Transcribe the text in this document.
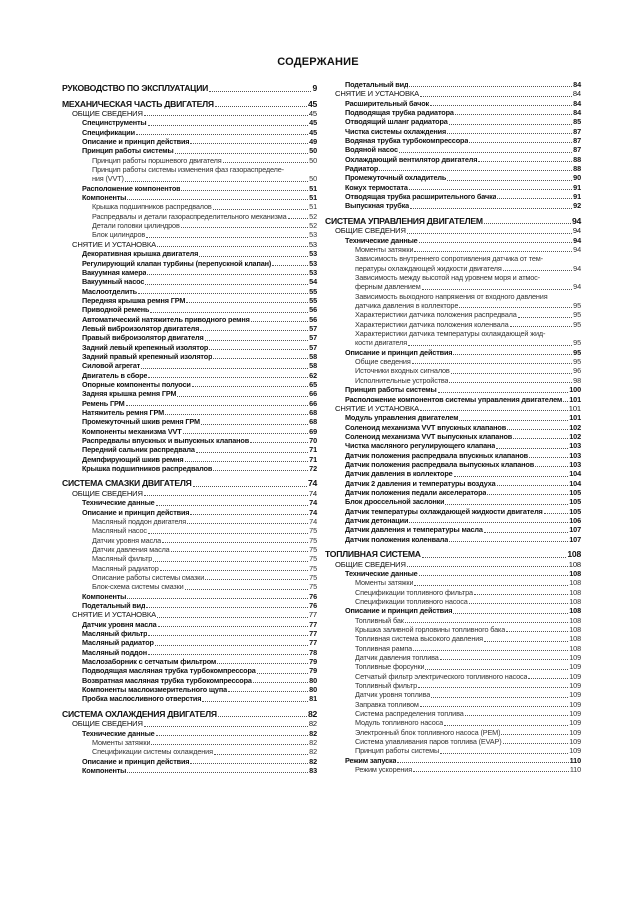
СОДЕРЖАНИЕ
РУКОВОДСТВО ПО ЭКСПЛУАТАЦИИ	9
МЕХАНИЧЕСКАЯ ЧАСТЬ ДВИГАТЕЛЯ	45
ОБЩИЕ СВЕДЕНИЯ	45
Специнструменты	45
Спецификации	45
Описание и принцип действия	49
Принцип работы системы	50
Принцип работы поршневого двигателя	50
Принцип работы системы изменения фаз газораспределе-
ния (VVT)	50
Расположение компонентов	51
Компоненты	51
Крышка подшипников распредвалов	51
Распредвалы и детали газораспределительного механизма	52
Детали головки цилиндров	52
Блок цилиндров	53
СНЯТИЕ И УСТАНОВКА	53
Декоративная крышка двигателя	53
Регулирующий клапан турбины (перепускной клапан)	53
Вакуумная камера	53
Вакуумный насос	54
Маслоотделить	55
Передняя крышка ремня ГРМ	55
Приводной ремень	56
Автоматический натяжитель приводного ремня	56
Левый виброизолятор двигателя	57
Правый виброизолятор двигателя	57
Задний левый крепежный изолятор	57
Задний правый крепежный изолятор	58
Силовой агрегат	58
Двигатель в сборе	62
Опорные компоненты полуоси	65
Задняя крышка ремня ГРМ	66
Ремень ГРМ	66
Натяжитель ремня ГРМ	68
Промежуточный шкив ремня ГРМ	68
Компоненты механизма VVT	69
Распредвалы впускных и выпускных клапанов	70
Передний сальник распредвала	71
Демпфирующий шкив ремня	71
Крышка подшипников распредвалов	72
СИСТЕМА СМАЗКИ ДВИГАТЕЛЯ	74
ОБЩИЕ СВЕДЕНИЯ	74
Технические данные	74
Описание и принцип действия	74
Масляный поддон двигателя	74
Масляный насос	75
Датчик уровня масла	75
Датчик давления масла	75
Масляный фильтр	75
Масляный радиатор	75
Описание работы системы смазки	75
Блок-схема системы смазки	75
Компоненты	76
Подетальный вид	76
СНЯТИЕ И УСТАНОВКА	77
Датчик уровня масла	77
Масляный фильтр	77
Масляный радиатор	77
Масляный поддон	78
Маслозаборник с сетчатым фильтром	79
Подводящая масляная трубка турбокомпрессора	79
Возвратная масляная трубка турбокомпрессора	80
Компоненты маслоизмерительного щупа	80
Пробка маслосливного отверстия	81
СИСТЕМА ОХЛАЖДЕНИЯ ДВИГАТЕЛЯ	82
ОБЩИЕ СВЕДЕНИЯ	82
Технические данные	82
Моменты затяжки	82
Спецификации системы охлаждения	82
Описание и принцип действия	82
Компоненты	83
Подетальный вид	84
СНЯТИЕ И УСТАНОВКА	84
Расширительный бачок	84
Подводящая трубка радиатора	84
Отводящий шланг радиатора	85
Чистка системы охлаждения	87
Водяная трубка турбокомпрессора	87
Водяной насос	87
Охлаждающий вентилятор двигателя	88
Радиатор	88
Промежуточный охладитель	90
Кожух термостата	91
Отводящая трубка расширительного бачка	91
Выпускная трубка	92
СИСТЕМА УПРАВЛЕНИЯ ДВИГАТЕЛЕМ	94
ОБЩИЕ СВЕДЕНИЯ	94
Технические данные	94
Моменты затяжки	94
Зависимость внутреннего сопротивления датчика от тем-
пературы охлаждающей жидкости двигателя	94
Зависимость между высотой над уровнем моря и атмос-
ферным давлением	94
Зависимость выходного напряжения от входного давления
датчика давления в коллекторе	95
Характеристики датчика положения распредвала	95
Характеристики датчика положения коленвала	95
Характеристики датчика температуры охлаждающей жид-
кости двигателя	95
Описание и принцип действия	95
Общие сведения	95
Источники входных сигналов	96
Исполнительные устройства	98
Принцип работы системы	100
Расположение компонентов системы управления двигателем 101
СНЯТИЕ И УСТАНОВКА	101
Модуль управления двигателем	101
Соленоид механизма VVT впускных клапанов	102
Соленоид механизма VVT выпускных клапанов	102
Чистка масляного регулирующего клапана	103
Датчик положения распредвала впускных клапанов	103
Датчик положения распредвала выпускных клапанов	103
Датчик давления в коллекторе	104
Датчик 2 давления и температуры воздуха	104
Датчик положения педали акселератора	105
Блок дроссельной заслонки	105
Датчик температуры охлаждающей жидкости двигателя	105
Датчик детонации	106
Датчик давления и температуры масла	107
Датчик положения коленвала	107
ТОПЛИВНАЯ СИСТЕМА	108
ОБЩИЕ СВЕДЕНИЯ	108
Технические данные	108
Моменты затяжки	108
Спецификации топливного фильтра	108
Спецификации топливного насоса	108
Описание и принцип действия	108
Топливный бак	108
Крышка заливной горловины топливного бака	108
Топливная система высокого давления	108
Топливная рампа	108
Датчик давления топлива	109
Топливные форсунки	109
Сетчатый фильтр электрического топливного насоса	109
Топливный фильтр	109
Датчик уровня топлива	109
Заправка топливом	109
Система распределения топлива	109
Модуль топливного насоса	109
Электронный блок топливного насоса (PEM)	109
Система улавливания паров топлива (EVAP)	109
Принцип работы системы	109
Режим запуска	110
Режим ускорения	110
